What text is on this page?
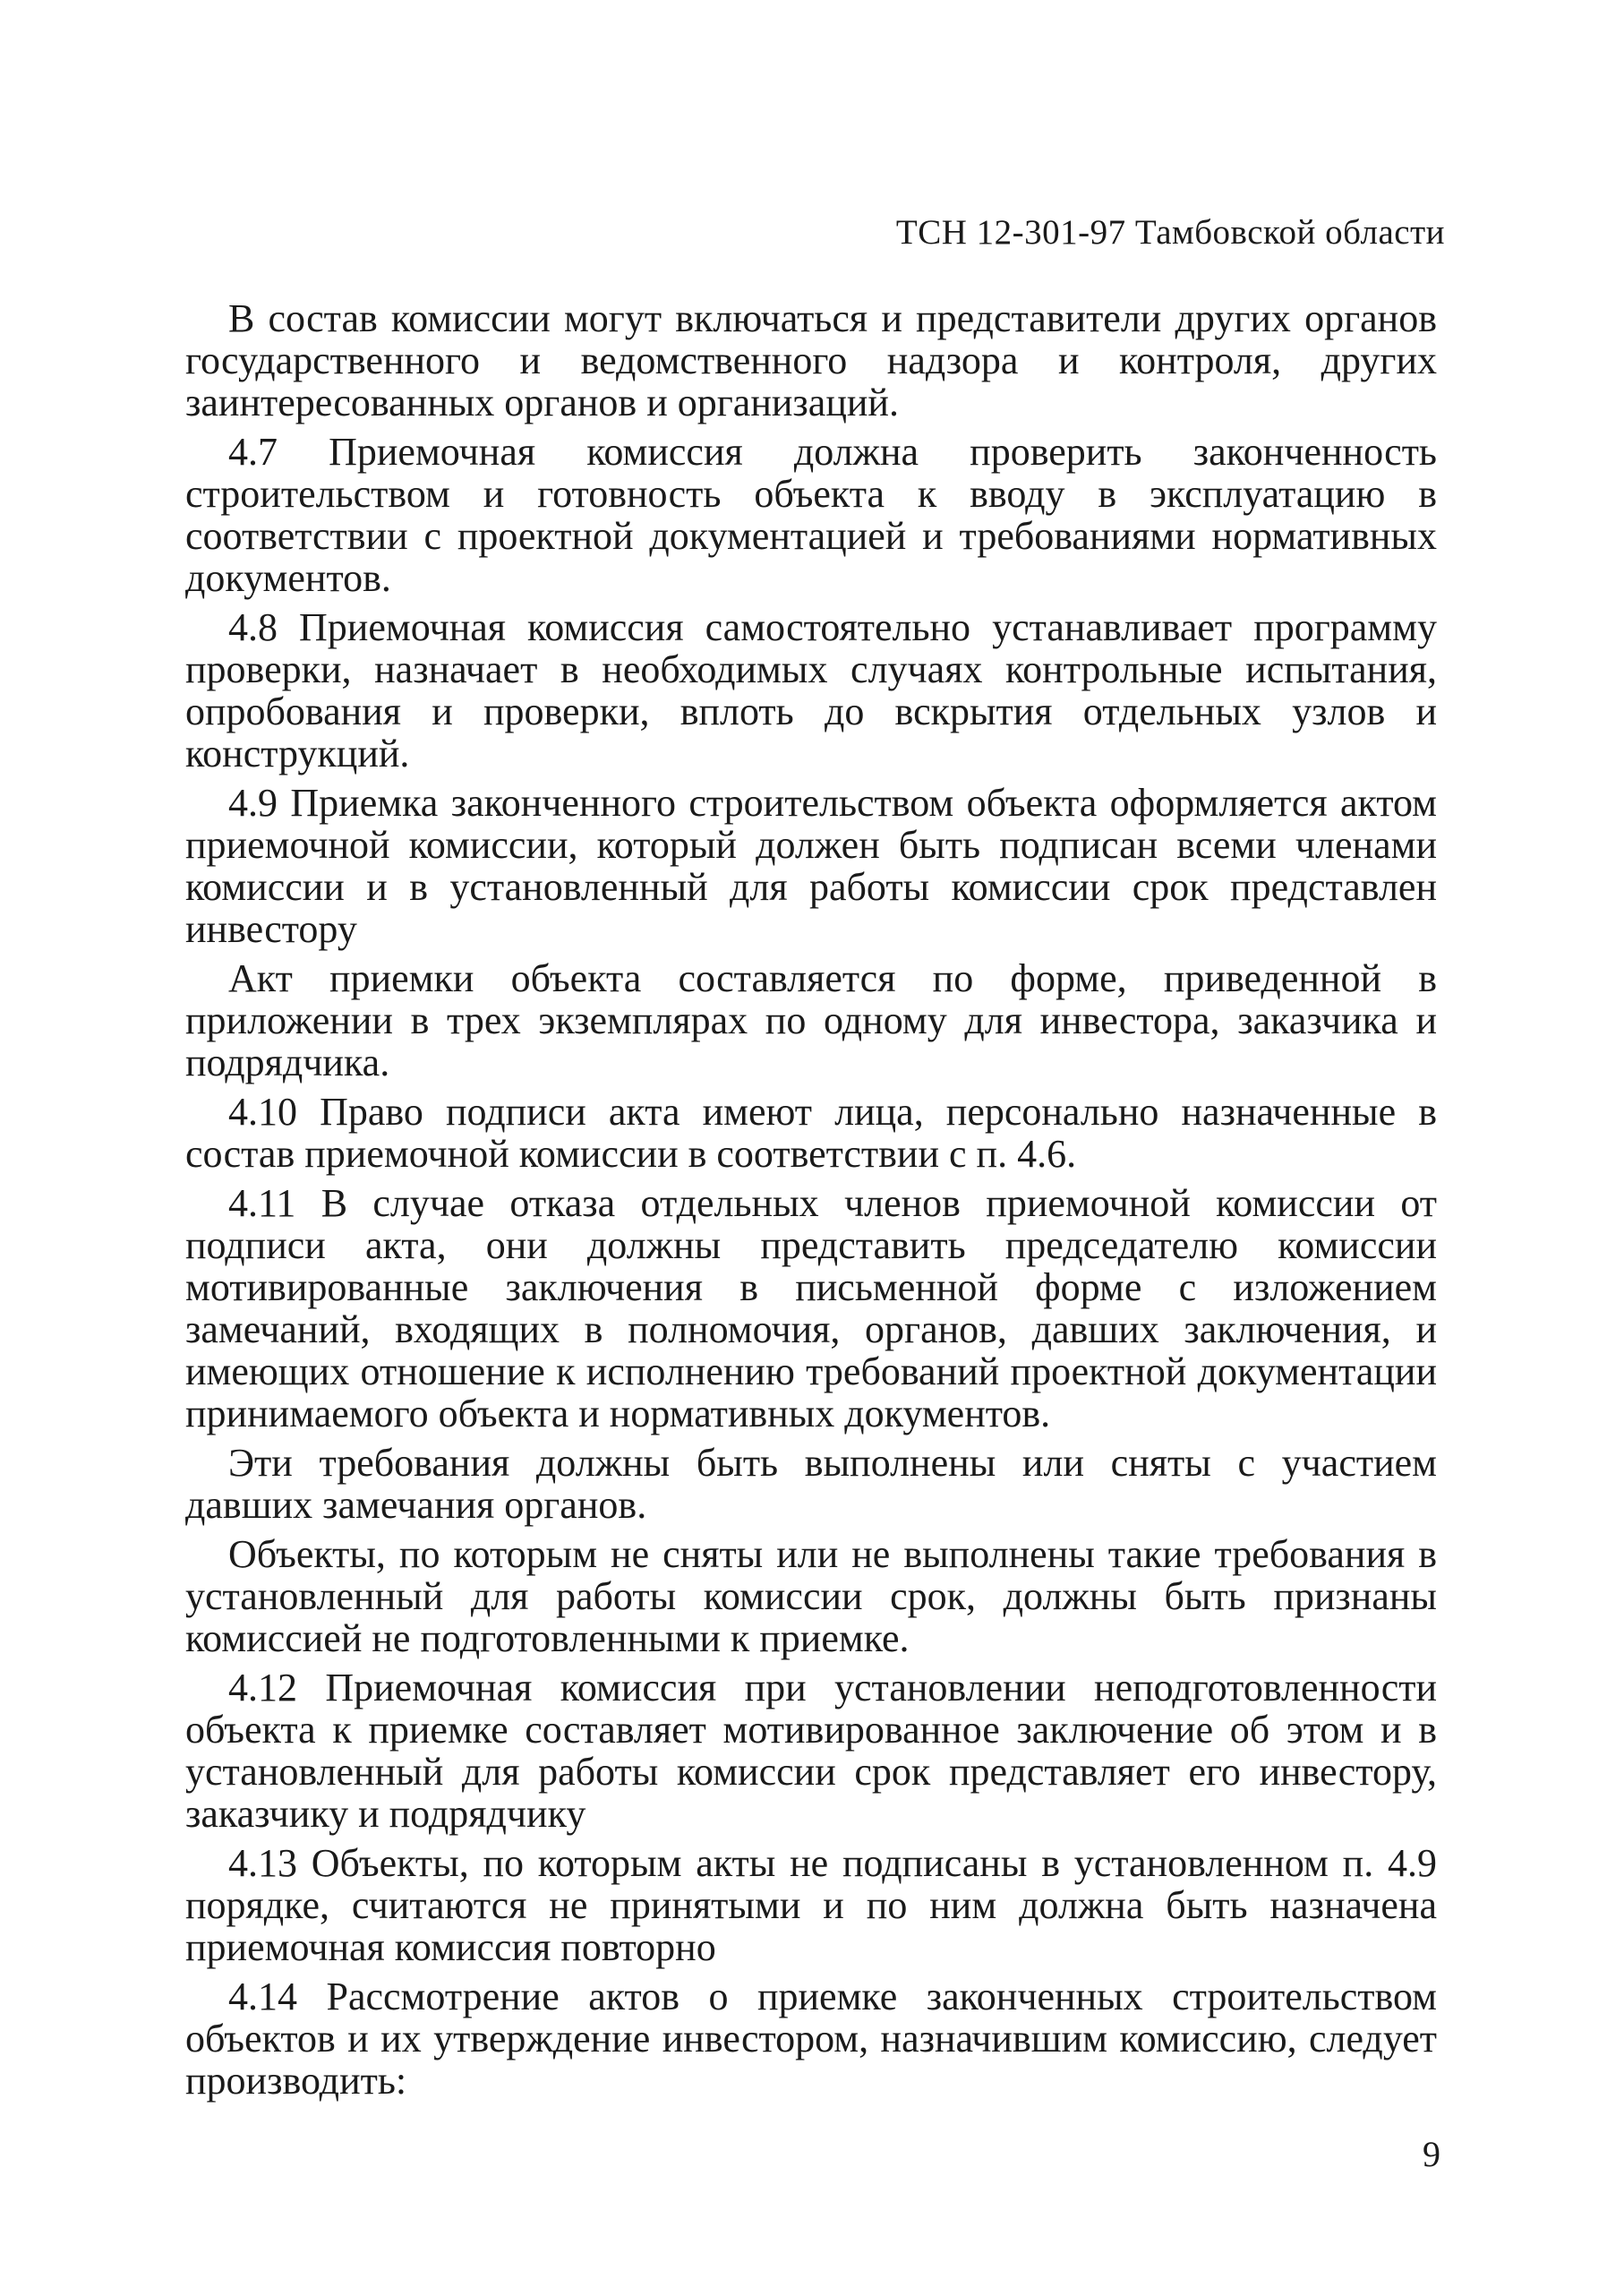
ТСН 12-301-97 Тамбовской области

В состав комиссии могут включаться и представители других органов государственного и ведомственного надзора и контроля, других заинтересованных органов и организаций.

4.7 Приемочная комиссия должна проверить законченность строительством и готовность объекта к вводу в эксплуатацию в соответствии с проектной документацией и требованиями нормативных документов.

4.8 Приемочная комиссия самостоятельно устанавливает программу проверки, назначает в необходимых случаях контрольные испытания, опробования и проверки, вплоть до вскрытия отдельных узлов и конструкций.

4.9 Приемка законченного строительством объекта оформляется актом приемочной комиссии, который должен быть подписан всеми членами комиссии и в установленный для работы комиссии срок представлен инвестору

Акт приемки объекта составляется по форме, приведенной в приложении в трех экземплярах по одному для инвестора, заказчика и подрядчика.

4.10 Право подписи акта имеют лица, персонально назначенные в состав приемочной комиссии в соответствии с п. 4.6.

4.11 В случае отказа отдельных членов приемочной комиссии от подписи акта, они должны представить председателю комиссии мотивированные заключения в письменной форме с изложением замечаний, входящих в полномочия, органов, давших заключения, и имеющих отношение к исполнению требований проектной документации принимаемого объекта и нормативных документов.

Эти требования должны быть выполнены или сняты с участием давших замечания органов.

Объекты, по которым не сняты или не выполнены такие требования в установленный для работы комиссии срок, должны быть признаны комиссией не подготовленными к приемке.

4.12 Приемочная комиссия при установлении неподготовленности объекта к приемке составляет мотивированное заключение об этом и в установленный для работы комиссии срок представляет его инвестору, заказчику и подрядчику

4.13 Объекты, по которым акты не подписаны в установленном п. 4.9 порядке, считаются не принятыми и по ним должна быть назначена приемочная комиссия повторно

4.14 Рассмотрение актов о приемке законченных строительством объектов и их утверждение инвестором, назначившим комиссию, следует производить:

9
